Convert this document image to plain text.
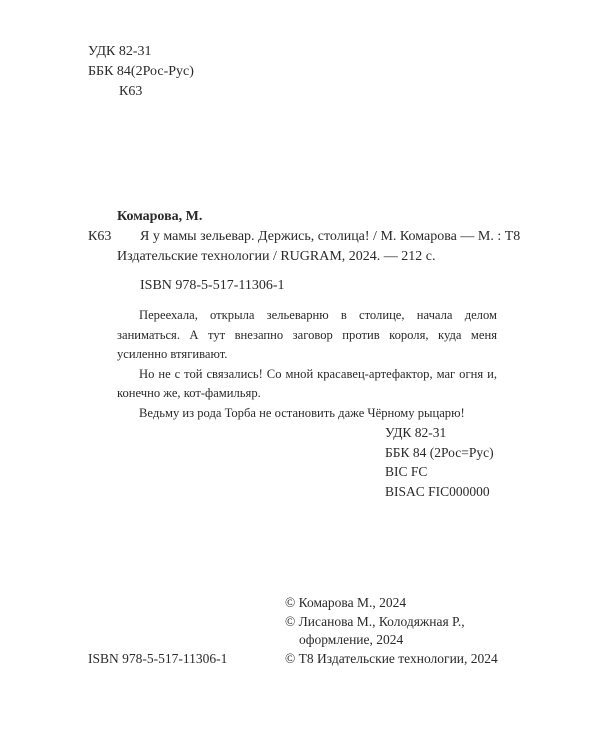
УДК 82-31
ББК 84(2Рос-Рус)
К63
Комарова, М.
К63 Я у мамы зельевар. Держись, столица! / М. Комарова — М. : Т8
Издательские технологии / RUGRAM, 2024. — 212 с.
ISBN 978-5-517-11306-1

Переехала, открыла зельеварню в столице, начала делом заниматься. А тут внезапно заговор против короля, куда меня усиленно втягивают.

Но не с той связались! Со мной красавец-артефактор, маг огня и, конечно же, кот-фамильяр.

Ведьму из рода Торба не остановить даже Чёрному рыцарю!

УДК 82-31
ББК 84 (2Рос=Рус)
BIC FC
BISAC FIC000000
© Комарова М., 2024
© Лисанова М., Колодяжная Р.,
оформление, 2024
© Т8 Издательские технологии, 2024
ISBN 978-5-517-11306-1
